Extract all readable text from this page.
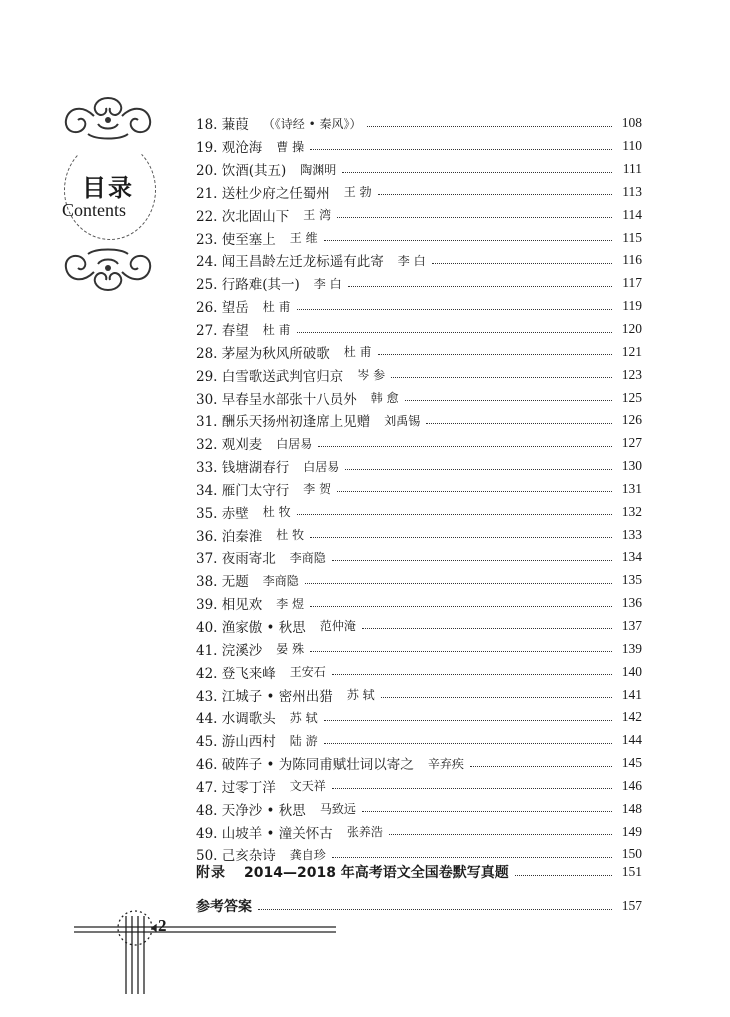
目录
Contents
18. 蒹葭 （《诗经 • 秦风》）	108
19. 观沧海 曹 操	110
20. 饮酒(其五) 陶渊明	111
21. 送杜少府之任蜀州 王 勃	113
22. 次北固山下 王 湾	114
23. 使至塞上 王 维	115
24. 闻王昌龄左迁龙标遥有此寄 李 白	116
25. 行路难(其一) 李 白	117
26. 望岳 杜 甫	119
27. 春望 杜 甫	120
28. 茅屋为秋风所破歌 杜 甫	121
29. 白雪歌送武判官归京 岑 参	123
30. 早春呈水部张十八员外 韩 愈	125
31. 酬乐天扬州初逢席上见赠 刘禹锡	126
32. 观刈麦 白居易	127
33. 钱塘湖春行 白居易	130
34. 雁门太守行 李 贺	131
35. 赤壁 杜 牧	132
36. 泊秦淮 杜 牧	133
37. 夜雨寄北 李商隐	134
38. 无题 李商隐	135
39. 相见欢 李 煜	136
40. 渔家傲 • 秋思 范仲淹	137
41. 浣溪沙 晏 殊	139
42. 登飞来峰 王安石	140
43. 江城子 • 密州出猎 苏 轼	141
44. 水调歌头 苏 轼	142
45. 游山西村 陆 游	144
46. 破阵子 • 为陈同甫赋壮词以寄之 辛弃疾	145
47. 过零丁洋 文天祥	146
48. 天净沙 • 秋思 马致远	148
49. 山坡羊 • 潼关怀古 张养浩	149
50. 己亥杂诗 龚自珍	150
附录 2014—2018 年高考语文全国卷默写真题	151
参考答案	157
2
